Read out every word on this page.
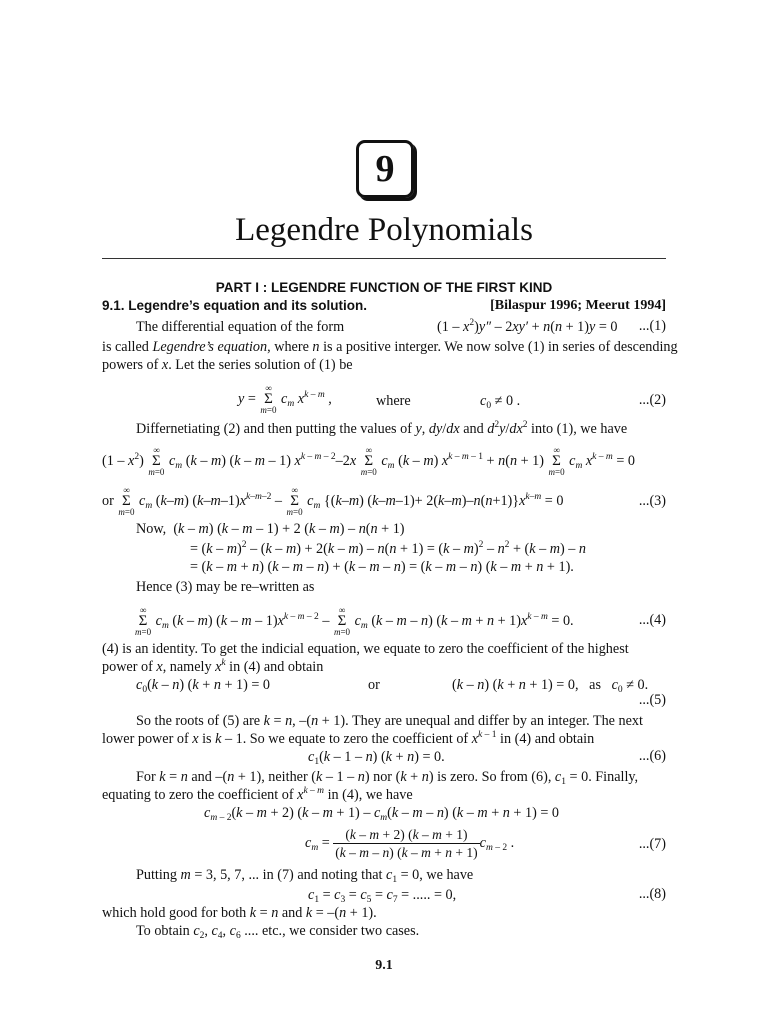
9
Legendre Polynomials
PART I : LEGENDRE FUNCTION OF THE FIRST KIND
9.1. Legendre’s equation and its solution.	[Bilaspur 1996; Meerut 1994]
The differential equation of the form	$(1 - x^2)y'' - 2xy' + n(n + 1)y = 0$ ...(1)
is called Legendre’s equation, where n is a positive interger. We now solve (1) in series of descending
powers of x. Let the series solution of (1) be
y =
∞
Σ
m=0
$c_m$ $x^{k - m}$ ,	where	$c_0 \ne 0$ .	...(2)
Differnetiating (2) and then putting the values of y, dy/dx and $d^2y/dx^2$ into (1), we have
$(1 - x^2)$
∞
Σ
m=0
$c_m$ (k – m) (k – m – 1) $x^{k - m - 2}-2x$
∞
Σ
m=0
$c_m$ (k – m) $x^{k - m - 1} + n(n + 1)$
∞
Σ
m=0
$c_m$ $x^{k - m} = 0$
or
∞
Σ
m=0
$c_m$ (k–m) $(k-m-1)x^{k-m-2}$ –
∞
Σ
m=0
$c_m$ {(k–m) $(k-m-1)+ 2(k-m)-n(n+1)\}x^{k-m} = 0$	...(3)
Now,  (k – m) (k – m – 1) + 2 (k – m) – n(n + 1)
= $(k - m)^2 - (k - m) + 2(k - m) - n(n + 1) = (k - m)^2 - n^2 + (k - m) - n$
= (k – m + n) (k – m – n) + (k – m – n) = (k – m – n) (k – m + n + 1).
Hence (3) may be re–written as
∞
Σ
m=0
$c_m$ (k – m) (k – m – $1)x^{k - m - 2}$ –
∞
Σ
m=0
$c_m$ (k – m – n) $(k - m + n + 1)x^{k - m} = 0$.	...(4)
(4) is an identity. To get the indicial equation, we equate to zero the coefficient of the highest
power of x, namely $x^k$ in (4) and obtain
$c_0(k - n) (k + n + 1) = 0$	or	(k – n) (k + n + 1) = 0,   as $c_0 \ne 0$.
...(5)
So the roots of (5) are k = n, –(n + 1). They are unequal and differ by an integer. The next
lower power of x is k – 1. So we equate to zero the coefficient of $x^{k - 1}$ in (4) and obtain
$c_1(k - 1 - n) (k + n) = 0$.	...(6)
For k = n and –(n + 1), neither (k – 1 – n) nor (k + n) is zero. So from (6), $c_1 = 0$. Finally,
equating to zero the coefficient of $x^{k - m}$ in (4), we have
$c_{m - 2}(k - m + 2)$ $(k - m + 1) - c_m(k - m - n)$ (k – m + n + 1) = 0
$c_m = \frac{(k - m + 2) (k - m + 1)}{(k - m - n) (k - m + n + 1)} c_{m - 2}$ .	...(7)
Putting m = 3, 5, 7, ... in (7) and noting that $c_1 = 0$, we have
$c_1 = c_3 = c_5 = c_7$ = ..... = 0,	...(8)
which hold good for both k = n and k = –(n + 1).
To obtain $c_2$, $c_4$, $c_6$ .... etc., we consider two cases.
9.1
